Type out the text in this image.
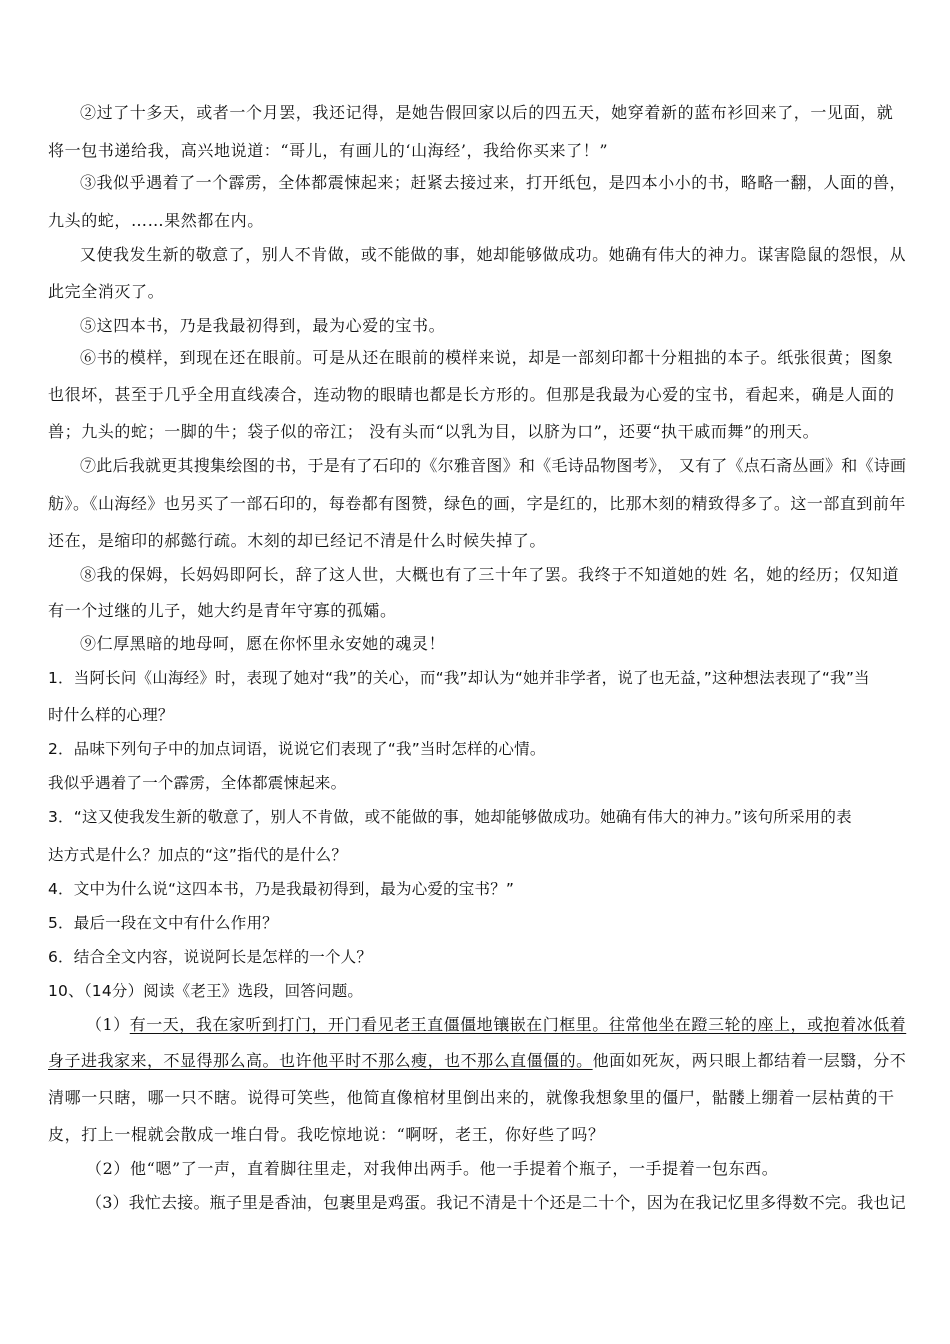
②过了十多天，或者一个月罢，我还记得，是她告假回家以后的四五天，她穿着新的蓝布衫回来了，一见面，就
将一包书递给我，高兴地说道：“哥儿，有画儿的‘山海经’，我给你买来了！”
③我似乎遇着了一个霹雳，全体都震悚起来；赶紧去接过来，打开纸包，是四本小小的书，略略一翻，人面的兽，
九头的蛇，……果然都在内。
又使我发生新的敬意了，别人不肯做，或不能做的事，她却能够做成功。她确有伟大的神力。谋害隐鼠的怨恨，从
此完全消灭了。
⑤这四本书，乃是我最初得到，最为心爱的宝书。
⑥书的模样，到现在还在眼前。可是从还在眼前的模样来说，却是一部刻印都十分粗拙的本子。纸张很黄；图象
也很坏，甚至于几乎全用直线凑合，连动物的眼睛也都是长方形的。但那是我最为心爱的宝书，看起来，确是人面的
兽；九头的蛇；一脚的牛；袋子似的帝江； 没有头而“以乳为目，以脐为口”，还要“执干戚而舞”的刑天。
⑦此后我就更其搜集绘图的书，于是有了石印的《尔雅音图》和《毛诗品物图考》， 又有了《点石斋丛画》和《诗画
舫》。《山海经》也另买了一部石印的，每卷都有图赞，绿色的画，字是红的，比那木刻的精致得多了。这一部直到前年
还在，是缩印的郝懿行疏。木刻的却已经记不清是什么时候失掉了。
⑧我的保姆，长妈妈即阿长，辞了这人世，大概也有了三十年了罢。我终于不知道她的姓 名，她的经历；仅知道
有一个过继的儿子，她大约是青年守寡的孤孀。
⑨仁厚黑暗的地母呵，愿在你怀里永安她的魂灵！
1．当阿长问《山海经》时，表现了她对“我”的关心，而“我”却认为“她并非学者，说了也无益，”这种想法表现了“我”当
时什么样的心理？
2．品味下列句子中的加点词语，说说它们表现了“我”当时怎样的心情。
我似乎遇着了一个霹雳，全体都震悚起来。
3．“这又使我发生新的敬意了，别人不肯做，或不能做的事，她却能够做成功。她确有伟大的神力。”该句所采用的表
达方式是什么？加点的“这”指代的是什么？
4．文中为什么说“这四本书，乃是我最初得到，最为心爱的宝书？”
5．最后一段在文中有什么作用？
6．结合全文内容，说说阿长是怎样的一个人？
10、（14分）阅读《老王》选段，回答问题。
（1）有一天，我在家听到打门，开门看见老王直僵僵地镶嵌在门框里。往常他坐在蹬三轮的座上，或抱着冰低着
身子进我家来，不显得那么高。也许他平时不那么瘦，也不那么直僵僵的。他面如死灰，两只眼上都结着一层翳，分不
清哪一只瞎，哪一只不瞎。说得可笑些，他简直像棺材里倒出来的，就像我想象里的僵尸，骷髅上绷着一层枯黄的干
皮，打上一棍就会散成一堆白骨。我吃惊地说：“啊呀，老王，你好些了吗？
（2）他“嗯”了一声，直着脚往里走，对我伸出两手。他一手提着个瓶子，一手提着一包东西。
（3）我忙去接。瓶子里是香油，包裹里是鸡蛋。我记不清是十个还是二十个，因为在我记忆里多得数不完。我也记
